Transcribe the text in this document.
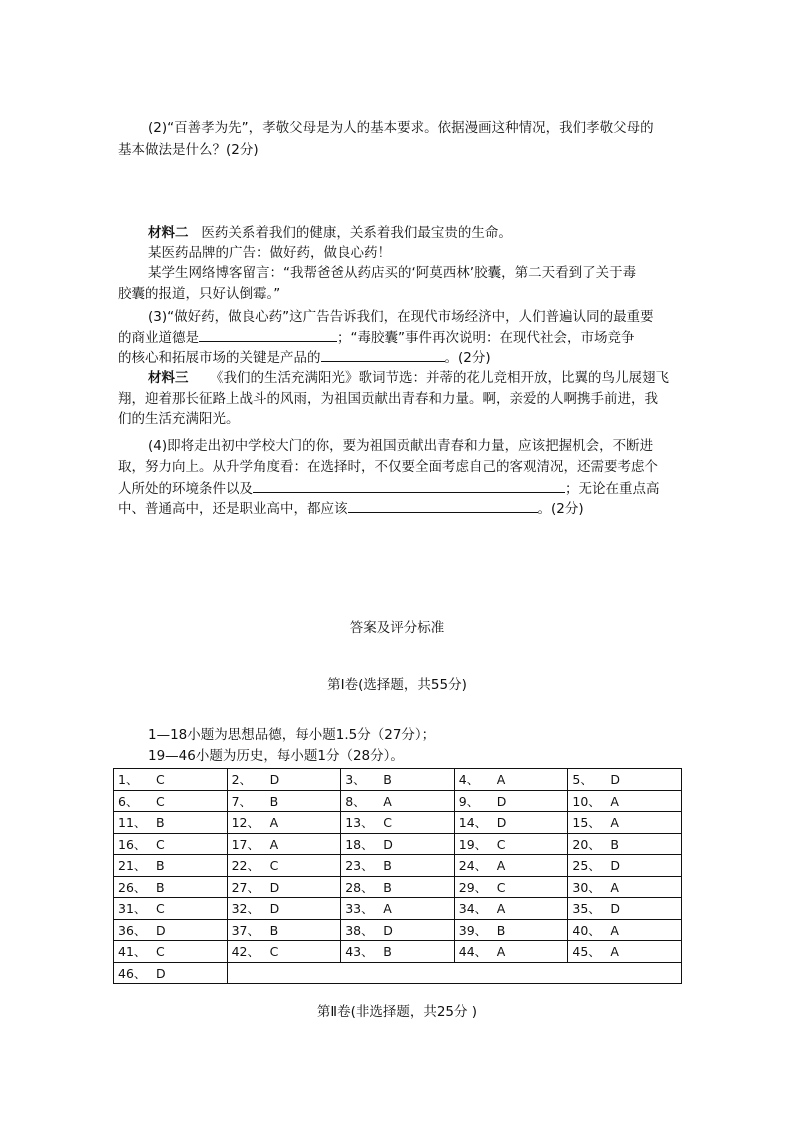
(2)“百善孝为先”，孝敬父母是为人的基本要求。依据漫画这种情况，我们孝敬父母的
基本做法是什么？(2分)
材料二 医药关系着我们的健康，关系着我们最宝贵的生命。
某医药品牌的广告：做好药，做良心药！
某学生网络博客留言：“我帮爸爸从药店买的‘阿莫西林’胶囊，第二天看到了关于毒
胶囊的报道，只好认倒霉。”
(3)“做好药，做良心药”这广告告诉我们，在现代市场经济中，人们普遍认同的最重要
的商业道德是	；“毒胶囊”事件再次说明：在现代社会，市场竞争
的核心和拓展市场的关键是产品的	。(2分)
材料三 《我们的生活充满阳光》歌词节选：并蒂的花儿竞相开放，比翼的鸟儿展翅飞
翔，迎着那长征路上战斗的风雨，为祖国贡献出青春和力量。啊，亲爱的人啊携手前进，我
们的生活充满阳光。
(4)即将走出初中学校大门的你，要为祖国贡献出青春和力量，应该把握机会，不断进
取，努力向上。从升学角度看：在选择时，不仅要全面考虑自己的客观清况，还需要考虑个
人所处的环境条件以及	；无论在重点高
中、普通高中，还是职业高中，都应该	。(2分)
答案及评分标准
第Ⅰ卷(选择题，共55分)
1—18小题为思想品德，每小题1.5分（27分）；
19—46小题为历史，每小题1分（28分）。
1、 C	2、 D	3、 B	4、 A	5、 D
6、 C	7、 B	8、 A	9、 D	10、 A
11、 B	12、 A	13、 C	14、 D	15、 A
16、 C	17、 A	18、 D	19、 C	20、 B
21、 B	22、 C	23、 B	24、 A	25、 D
26、 B	27、 D	28、 B	29、 C	30、 A
31、 C	32、 D	33、 A	34、 A	35、 D
36、 D	37、 B	38、 D	39、 B	40、 A
41、 C	42、 C	43、 B	44、 A	45、 A
46、 D				
第Ⅱ卷(非选择题，共25分 )
